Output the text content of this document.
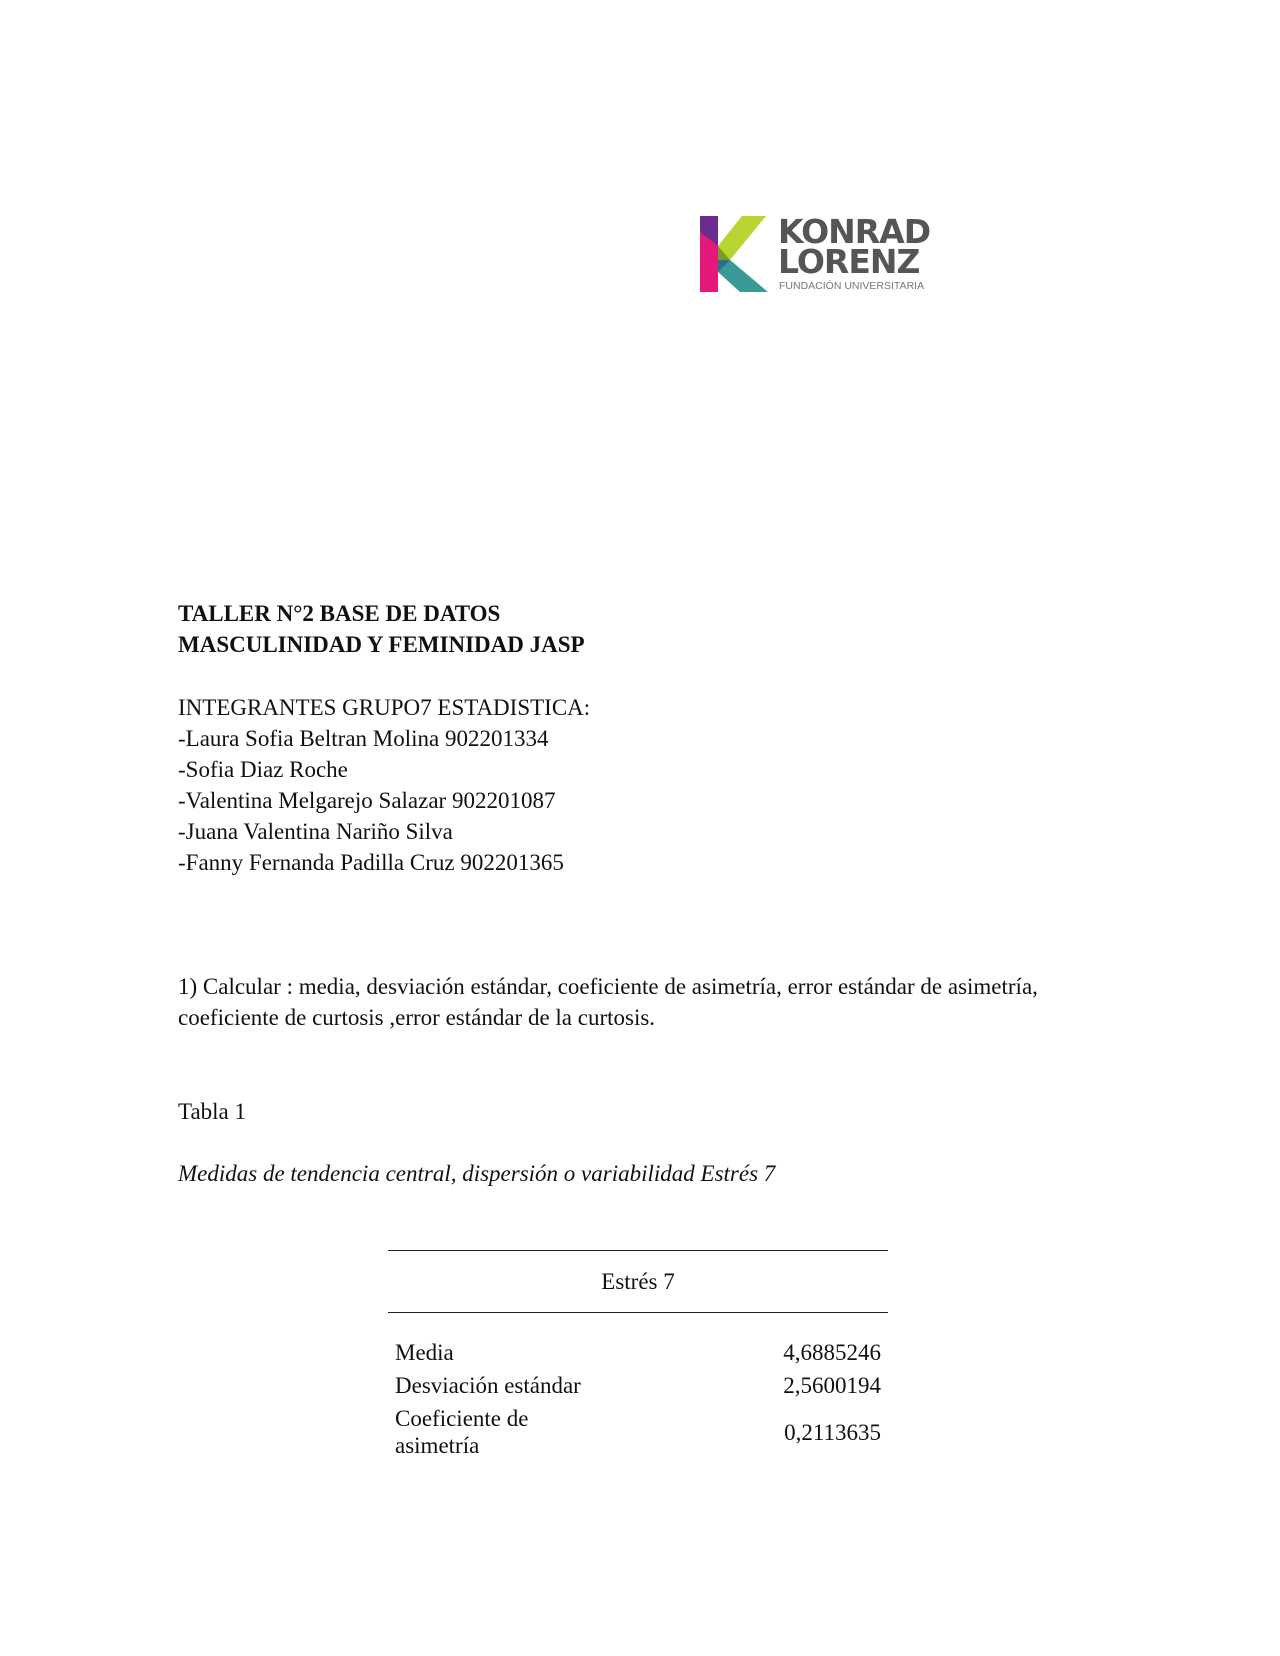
KONRAD
LORENZ
FUNDACIÓN UNIVERSITARIA
TALLER N°2 BASE DE DATOS
MASCULINIDAD Y FEMINIDAD JASP
INTEGRANTES GRUPO7 ESTADISTICA:
-Laura Sofia Beltran Molina 902201334
-Sofia Diaz Roche
-Valentina Melgarejo Salazar 902201087
-Juana Valentina Nariño Silva
-Fanny Fernanda Padilla Cruz 902201365
1) Calcular : media, desviación estándar, coeficiente de asimetría, error estándar de asimetría, coeficiente de curtosis ,error estándar de la curtosis.
Tabla 1
Medidas de tendencia central, dispersión o variabilidad Estrés 7
Estrés 7
Media	4,6885246
Desviación estándar	2,5600194
Coeficiente de asimetría
0,2113635
